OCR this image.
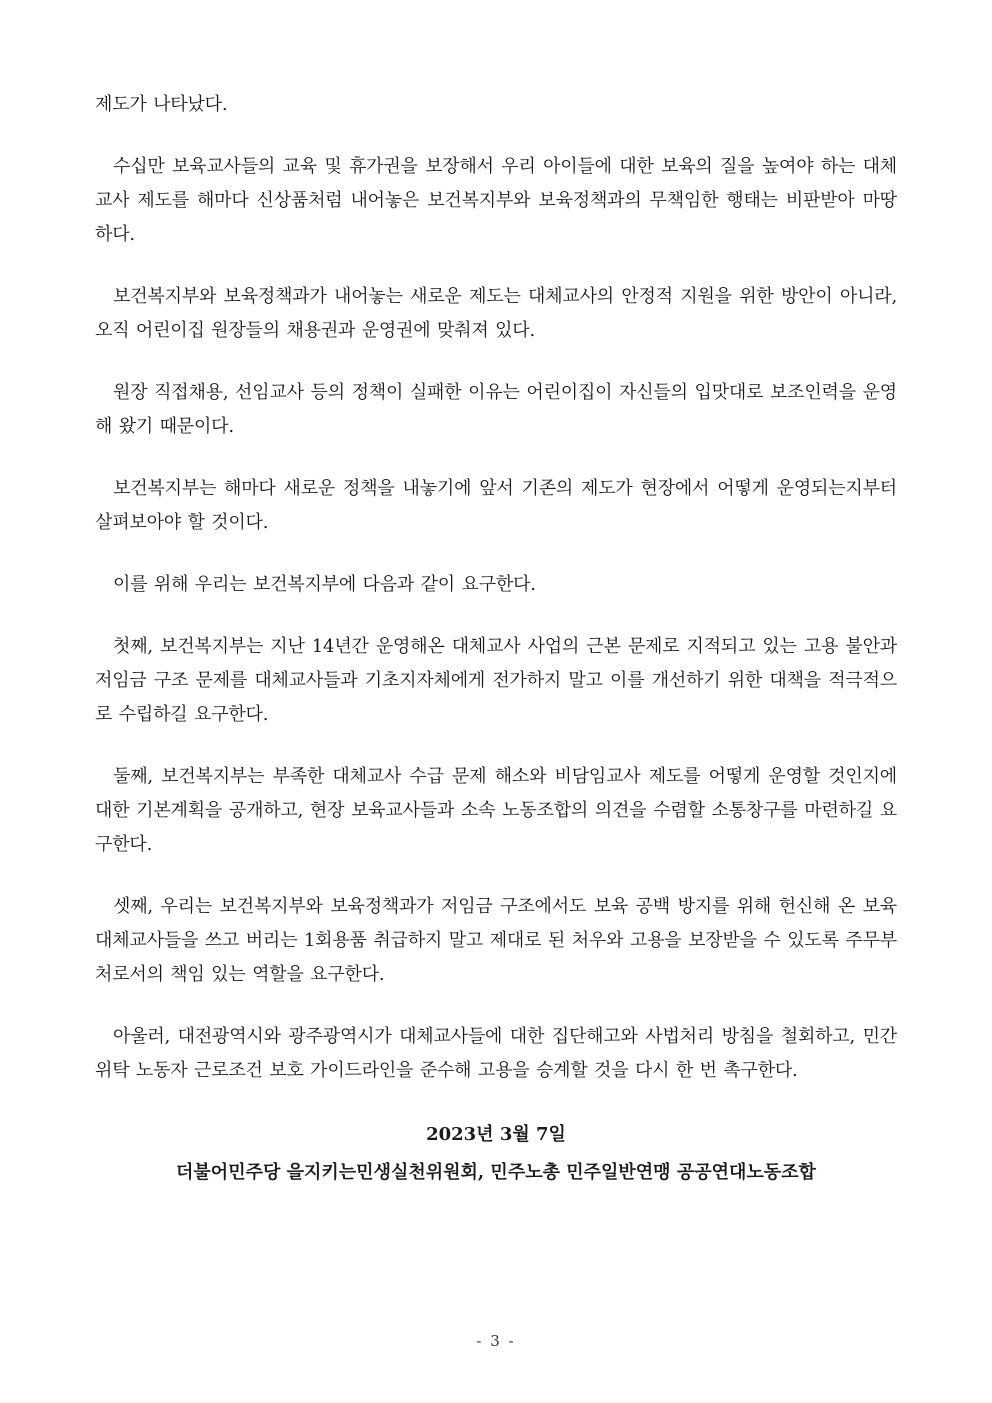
제도가 나타났다.

수십만 보육교사들의 교육 및 휴가권을 보장해서 우리 아이들에 대한 보육의 질을 높여야 하는 대체교사 제도를 해마다 신상품처럼 내어놓은 보건복지부와 보육정책과의 무책임한 행태는 비판받아 마땅하다.

보건복지부와 보육정책과가 내어놓는 새로운 제도는 대체교사의 안정적 지원을 위한 방안이 아니라, 오직 어린이집 원장들의 채용권과 운영권에 맞춰져 있다.

원장 직접채용, 선임교사 등의 정책이 실패한 이유는 어린이집이 자신들의 입맛대로 보조인력을 운영해 왔기 때문이다.

보건복지부는 해마다 새로운 정책을 내놓기에 앞서 기존의 제도가 현장에서 어떻게 운영되는지부터 살펴보아야 할 것이다.

이를 위해 우리는 보건복지부에 다음과 같이 요구한다.

첫째, 보건복지부는 지난 14년간 운영해온 대체교사 사업의 근본 문제로 지적되고 있는 고용 불안과 저임금 구조 문제를 대체교사들과 기초지자체에게 전가하지 말고 이를 개선하기 위한 대책을 적극적으로 수립하길 요구한다.

둘째, 보건복지부는 부족한 대체교사 수급 문제 해소와 비담임교사 제도를 어떻게 운영할 것인지에 대한 기본계획을 공개하고, 현장 보육교사들과 소속 노동조합의 의견을 수렴할 소통창구를 마련하길 요구한다.

셋째, 우리는 보건복지부와 보육정책과가 저임금 구조에서도 보육 공백 방지를 위해 헌신해 온 보육대체교사들을 쓰고 버리는 1회용품 취급하지 말고 제대로 된 처우와 고용을 보장받을 수 있도록 주무부처로서의 책임 있는 역할을 요구한다.

아울러, 대전광역시와 광주광역시가 대체교사들에 대한 집단해고와 사법처리 방침을 철회하고, 민간위탁 노동자 근로조건 보호 가이드라인을 준수해 고용을 승계할 것을 다시 한 번 촉구한다.

2023년 3월 7일
더불어민주당 을지키는민생실천위원회, 민주노총 민주일반연맹 공공연대노동조합
- 3 -
